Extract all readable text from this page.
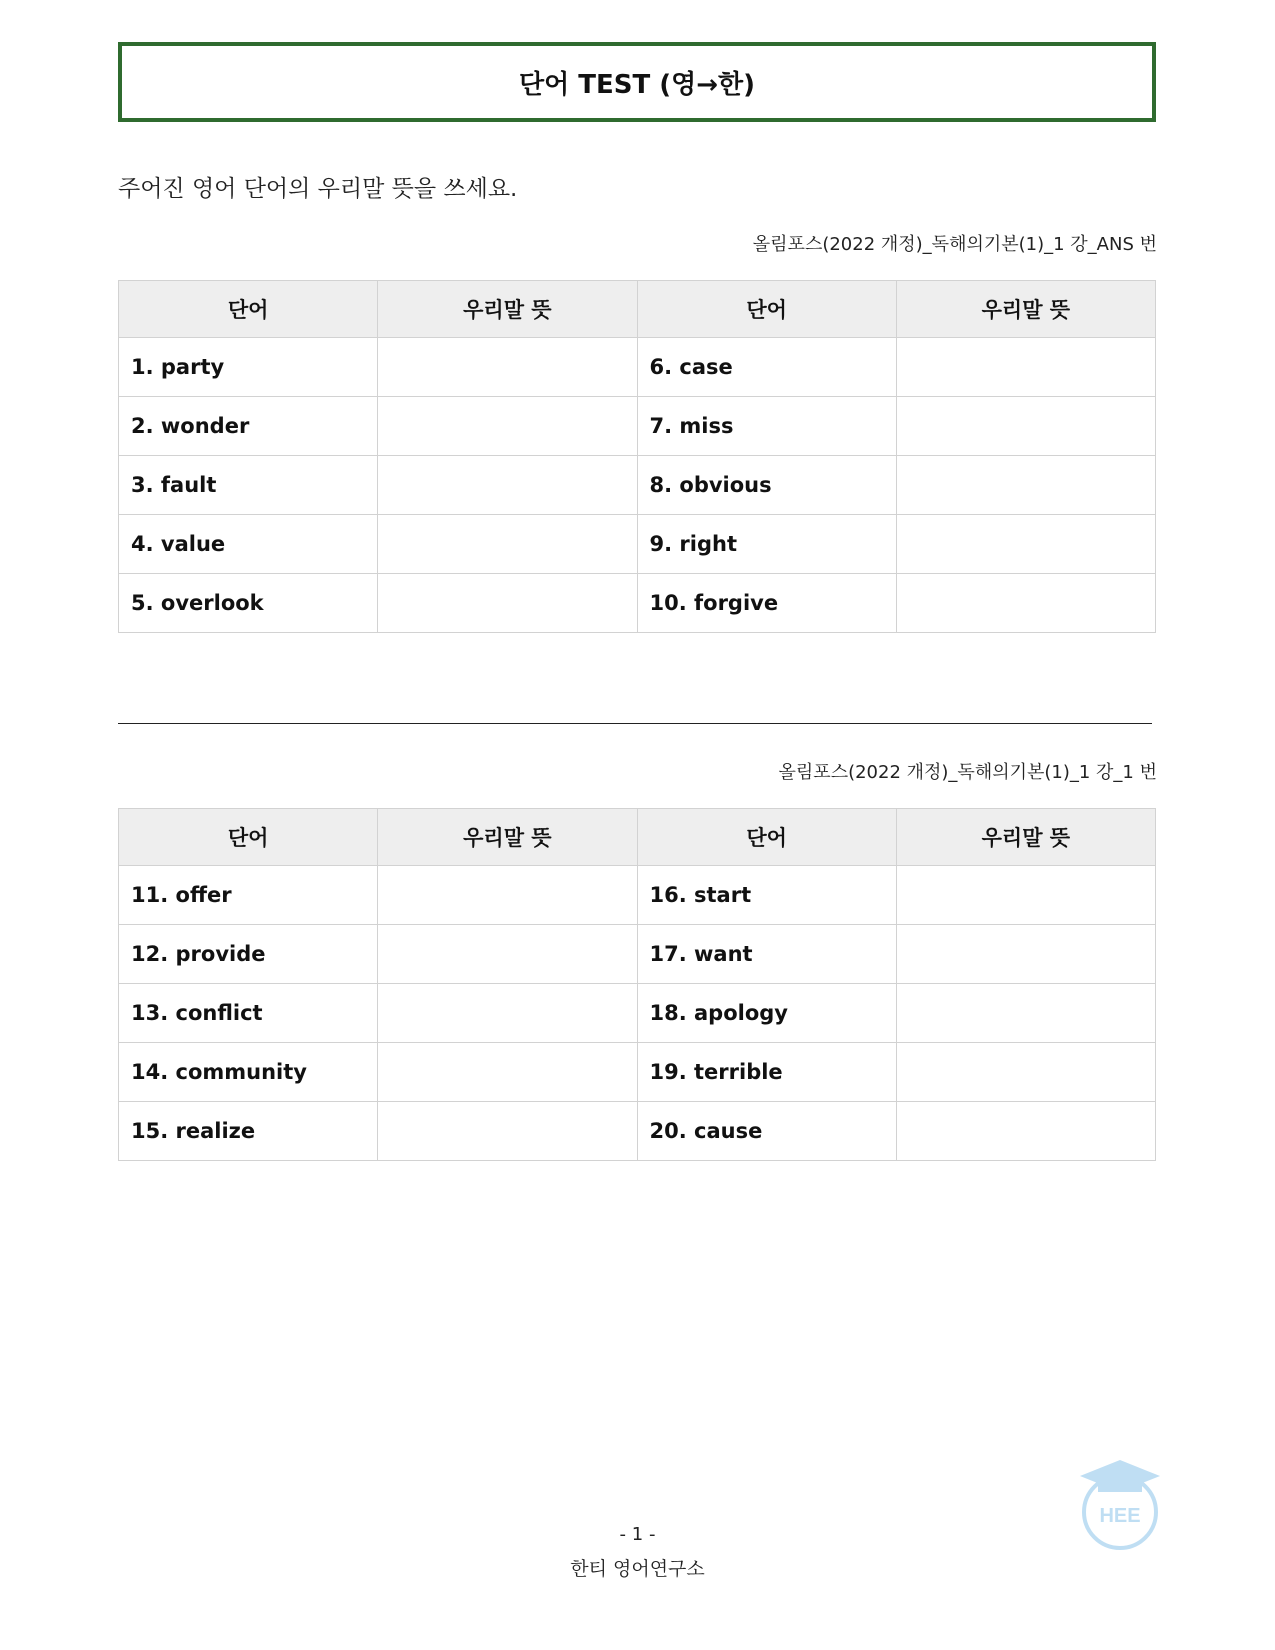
단어 TEST (영→한)
주어진 영어 단어의 우리말 뜻을 쓰세요.
올림포스(2022 개정)_독해의기본(1)_1 강_ANS 번
단어	우리말 뜻	단어	우리말 뜻
1. party		6. case	
2. wonder		7. miss	
3. fault		8. obvious	
4. value		9. right	
5. overlook		10. forgive	
올림포스(2022 개정)_독해의기본(1)_1 강_1 번
단어	우리말 뜻	단어	우리말 뜻
11. offer		16. start	
12. provide		17. want	
13. conflict		18. apology	
14. community		19. terrible	
15. realize		20. cause	
- 1 -
한티 영어연구소
HEE
